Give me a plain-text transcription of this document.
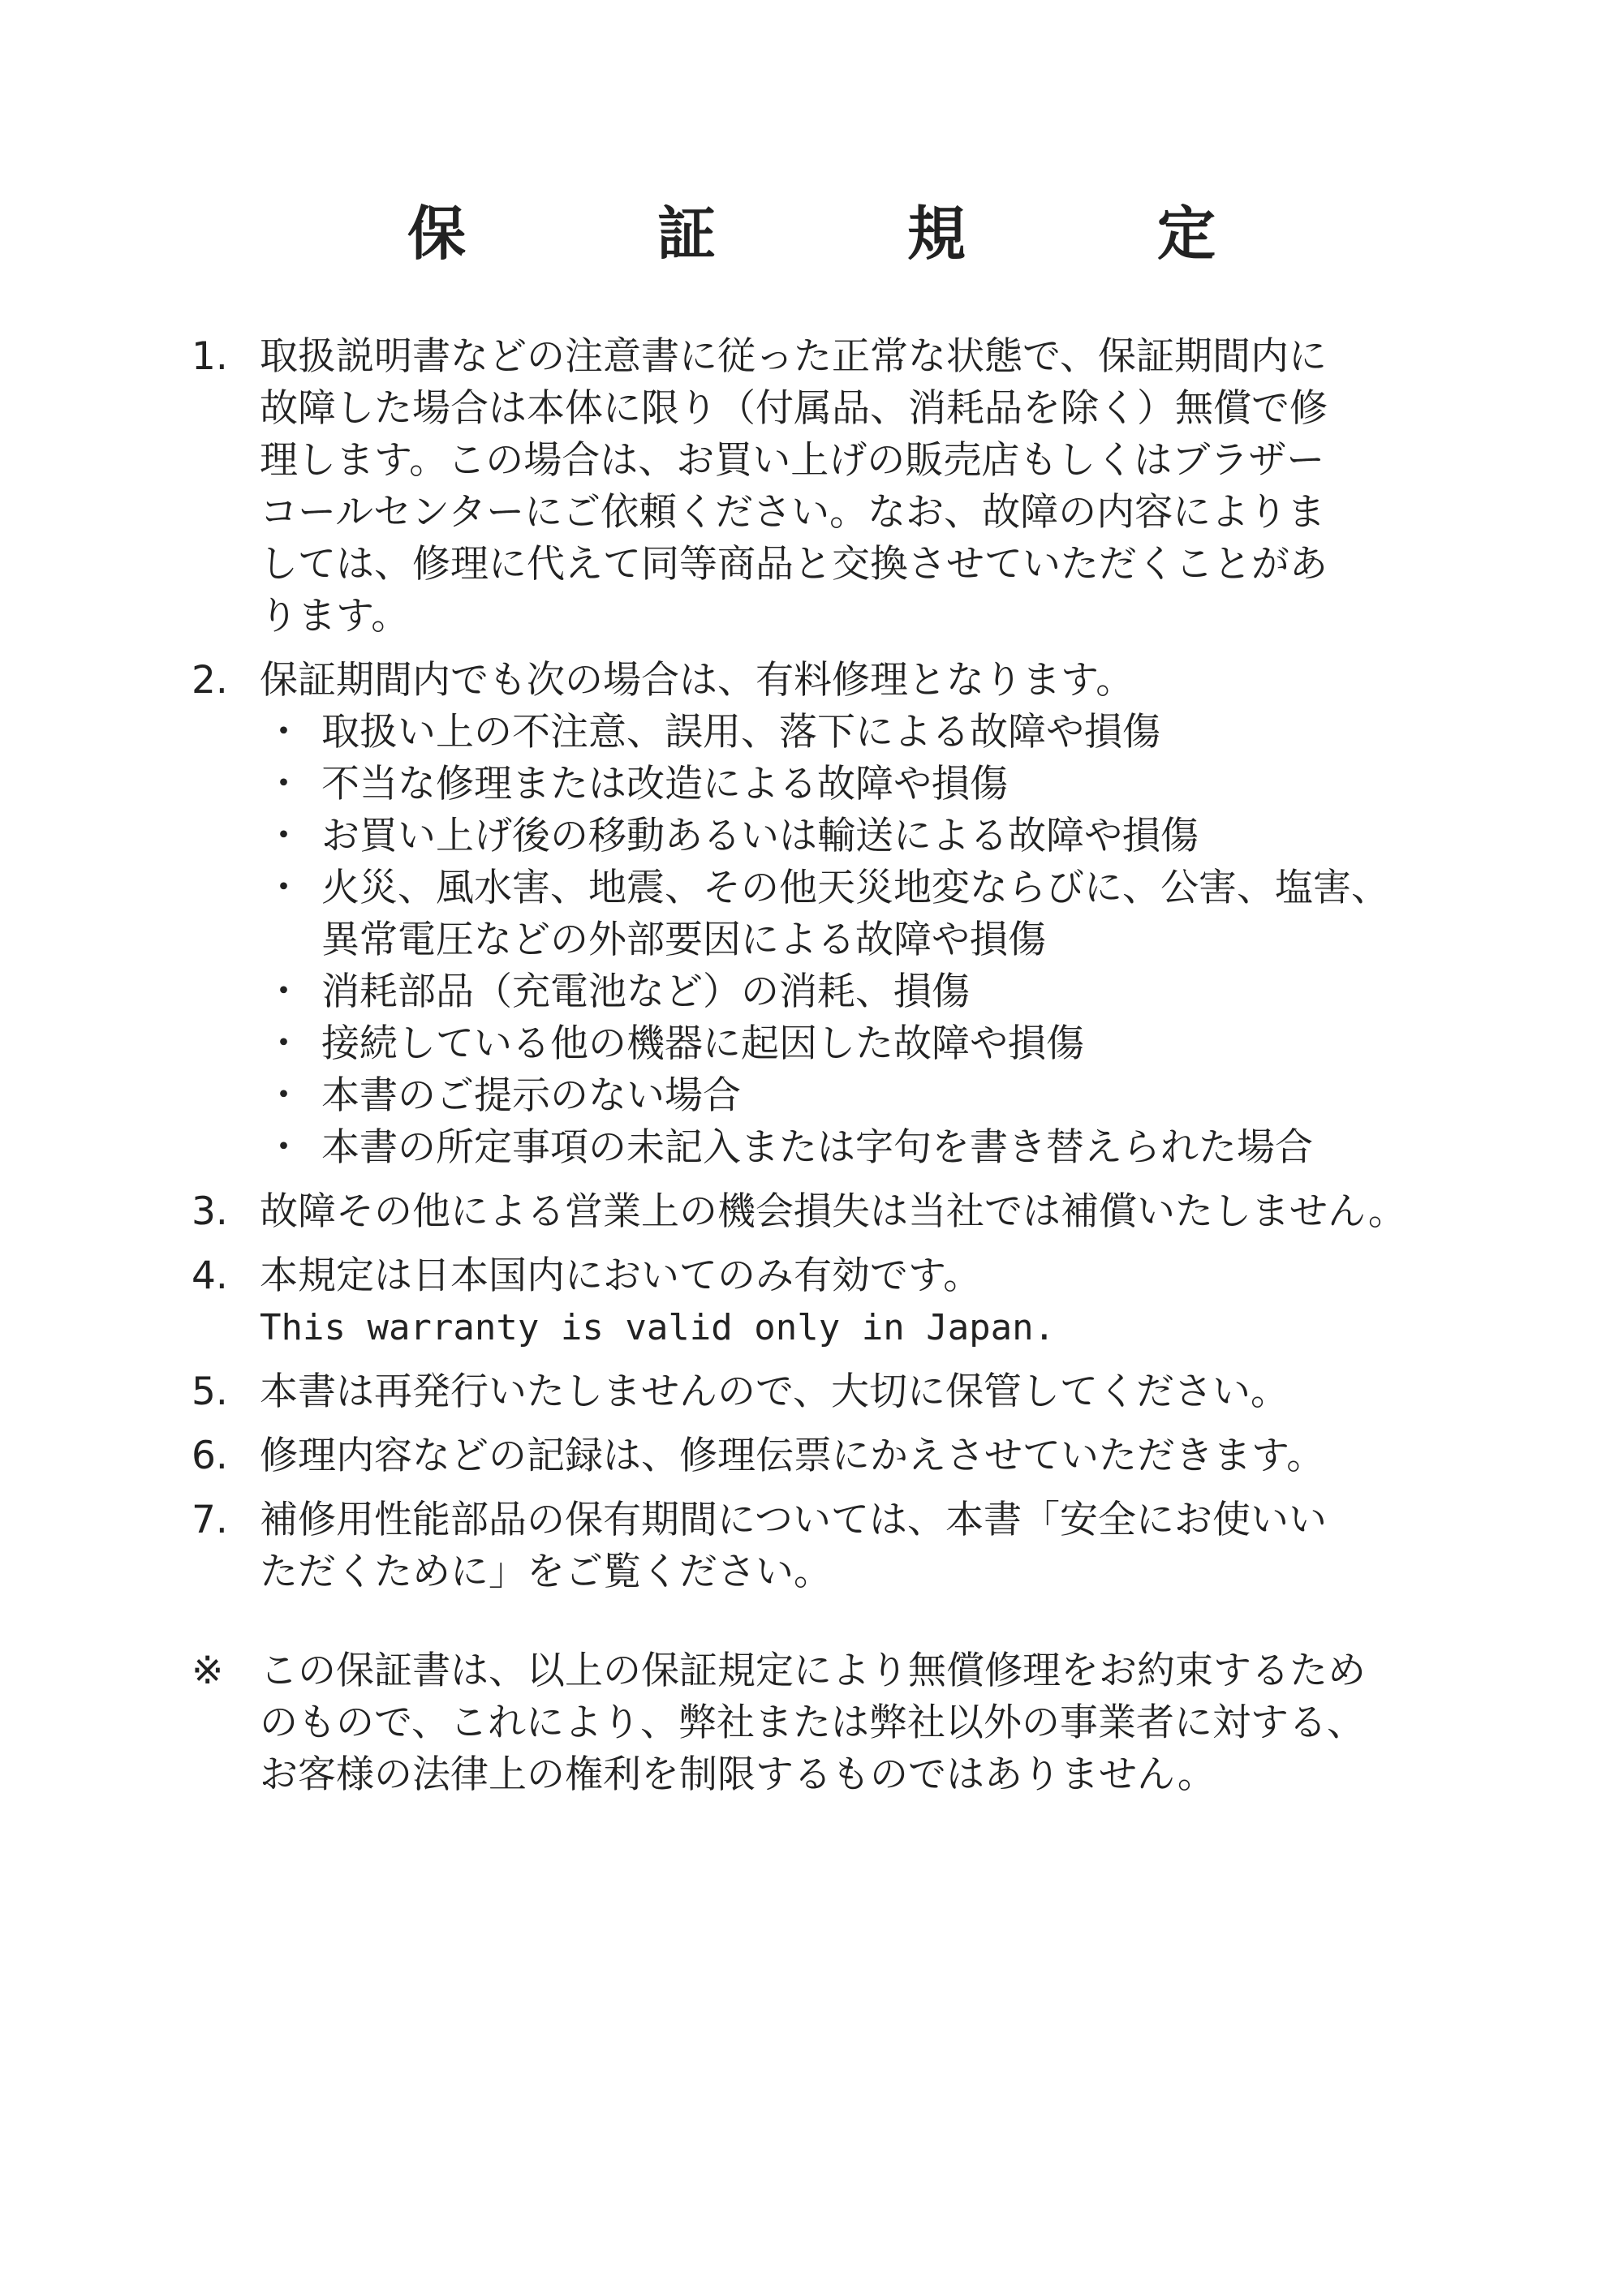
保　証　規　定
1. 取扱説明書などの注意書に従った正常な状態で、保証期間内に
故障した場合は本体に限り（付属品、消耗品を除く）無償で修
理します。この場合は、お買い上げの販売店もしくはブラザー
コールセンターにご依頼ください。なお、故障の内容によりま
しては、修理に代えて同等商品と交換させていただくことがあ
ります。
2. 保証期間内でも次の場合は、有料修理となります。
・ 取扱い上の不注意、誤用、落下による故障や損傷
・ 不当な修理または改造による故障や損傷
・ お買い上げ後の移動あるいは輸送による故障や損傷
・ 火災、風水害、地震、その他天災地変ならびに、公害、塩害、
異常電圧などの外部要因による故障や損傷
・ 消耗部品（充電池など）の消耗、損傷
・ 接続している他の機器に起因した故障や損傷
・ 本書のご提示のない場合
・ 本書の所定事項の未記入または字句を書き替えられた場合
3. 故障その他による営業上の機会損失は当社では補償いたしません。
4. 本規定は日本国内においてのみ有効です。
This warranty is valid only in Japan.
5. 本書は再発行いたしませんので、大切に保管してください。
6. 修理内容などの記録は、修理伝票にかえさせていただきます。
7. 補修用性能部品の保有期間については、本書「安全にお使いい
ただくために」をご覧ください。
※ この保証書は、以上の保証規定により無償修理をお約束するため
のもので、これにより、弊社または弊社以外の事業者に対する、
お客様の法律上の権利を制限するものではありません。
